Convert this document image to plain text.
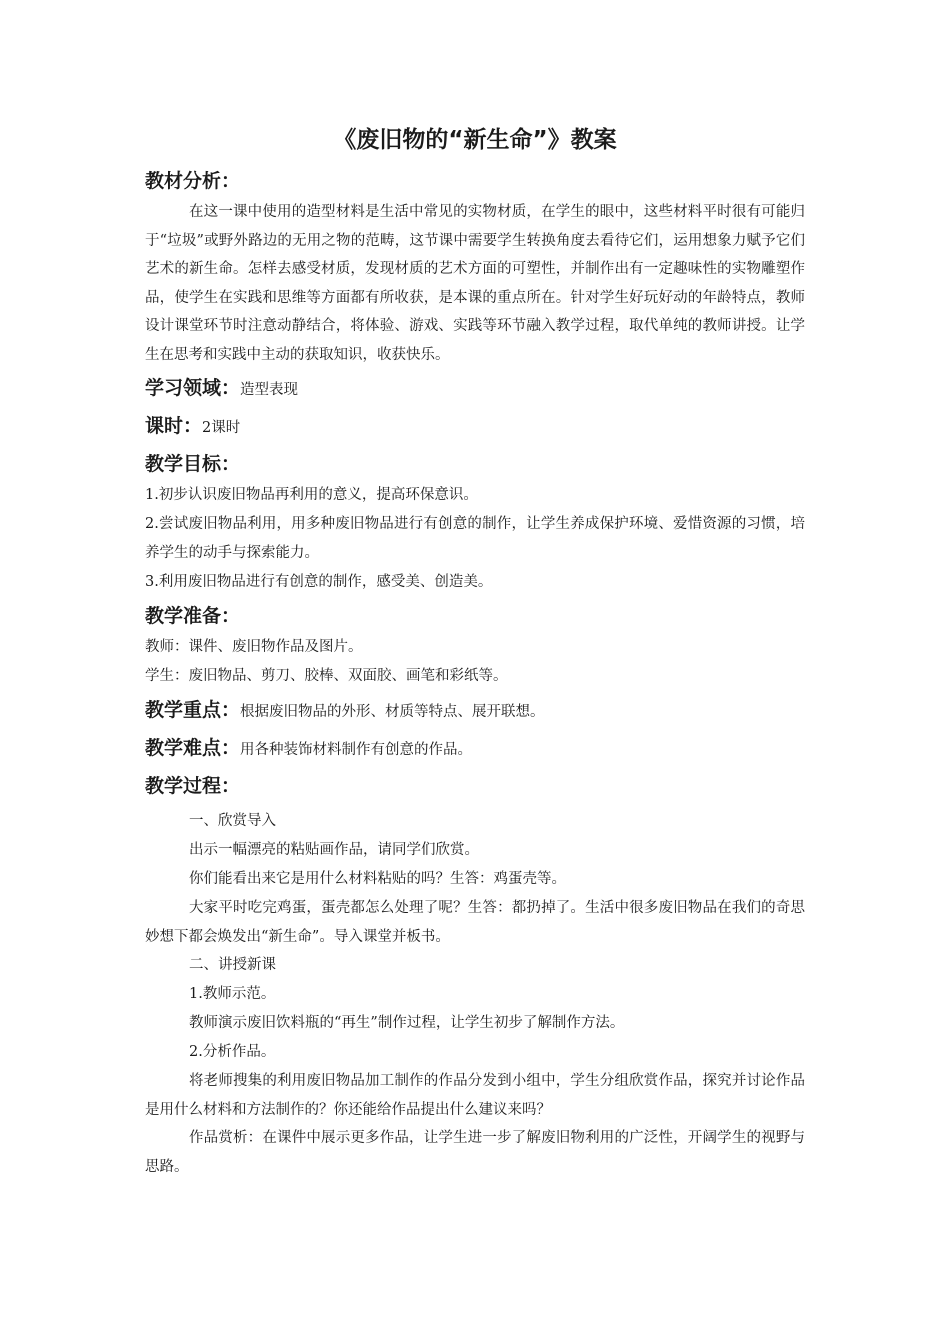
《废旧物的“新生命”》教案
教材分析：

在这一课中使用的造型材料是生活中常见的实物材质，在学生的眼中，这些材料平时很有可能归于“垃圾”或野外路边的无用之物的范畴，这节课中需要学生转换角度去看待它们，运用想象力赋予它们艺术的新生命。怎样去感受材质，发现材质的艺术方面的可塑性，并制作出有一定趣味性的实物雕塑作品，使学生在实践和思维等方面都有所收获，是本课的重点所在。针对学生好玩好动的年龄特点，教师设计课堂环节时注意动静结合，将体验、游戏、实践等环节融入教学过程，取代单纯的教师讲授。让学生在思考和实践中主动的获取知识，收获快乐。

学习领域：造型表现
课时：2课时
教学目标：

1.初步认识废旧物品再利用的意义，提高环保意识。

2.尝试废旧物品利用，用多种废旧物品进行有创意的制作，让学生养成保护环境、爱惜资源的习惯，培养学生的动手与探索能力。

3.利用废旧物品进行有创意的制作，感受美、创造美。

教学准备：

教师：课件、废旧物作品及图片。

学生：废旧物品、剪刀、胶棒、双面胶、画笔和彩纸等。

教学重点：根据废旧物品的外形、材质等特点、展开联想。
教学难点：用各种装饰材料制作有创意的作品。
教学过程：

一、欣赏导入

出示一幅漂亮的粘贴画作品，请同学们欣赏。

你们能看出来它是用什么材料粘贴的吗？生答：鸡蛋壳等。

大家平时吃完鸡蛋，蛋壳都怎么处理了呢？生答：都扔掉了。生活中很多废旧物品在我们的奇思妙想下都会焕发出“新生命”。导入课堂并板书。

二、讲授新课

1.教师示范。

教师演示废旧饮料瓶的“再生”制作过程，让学生初步了解制作方法。

2.分析作品。

将老师搜集的利用废旧物品加工制作的作品分发到小组中，学生分组欣赏作品，探究并讨论作品是用什么材料和方法制作的？你还能给作品提出什么建议来吗？

作品赏析：在课件中展示更多作品，让学生进一步了解废旧物利用的广泛性，开阔学生的视野与思路。
